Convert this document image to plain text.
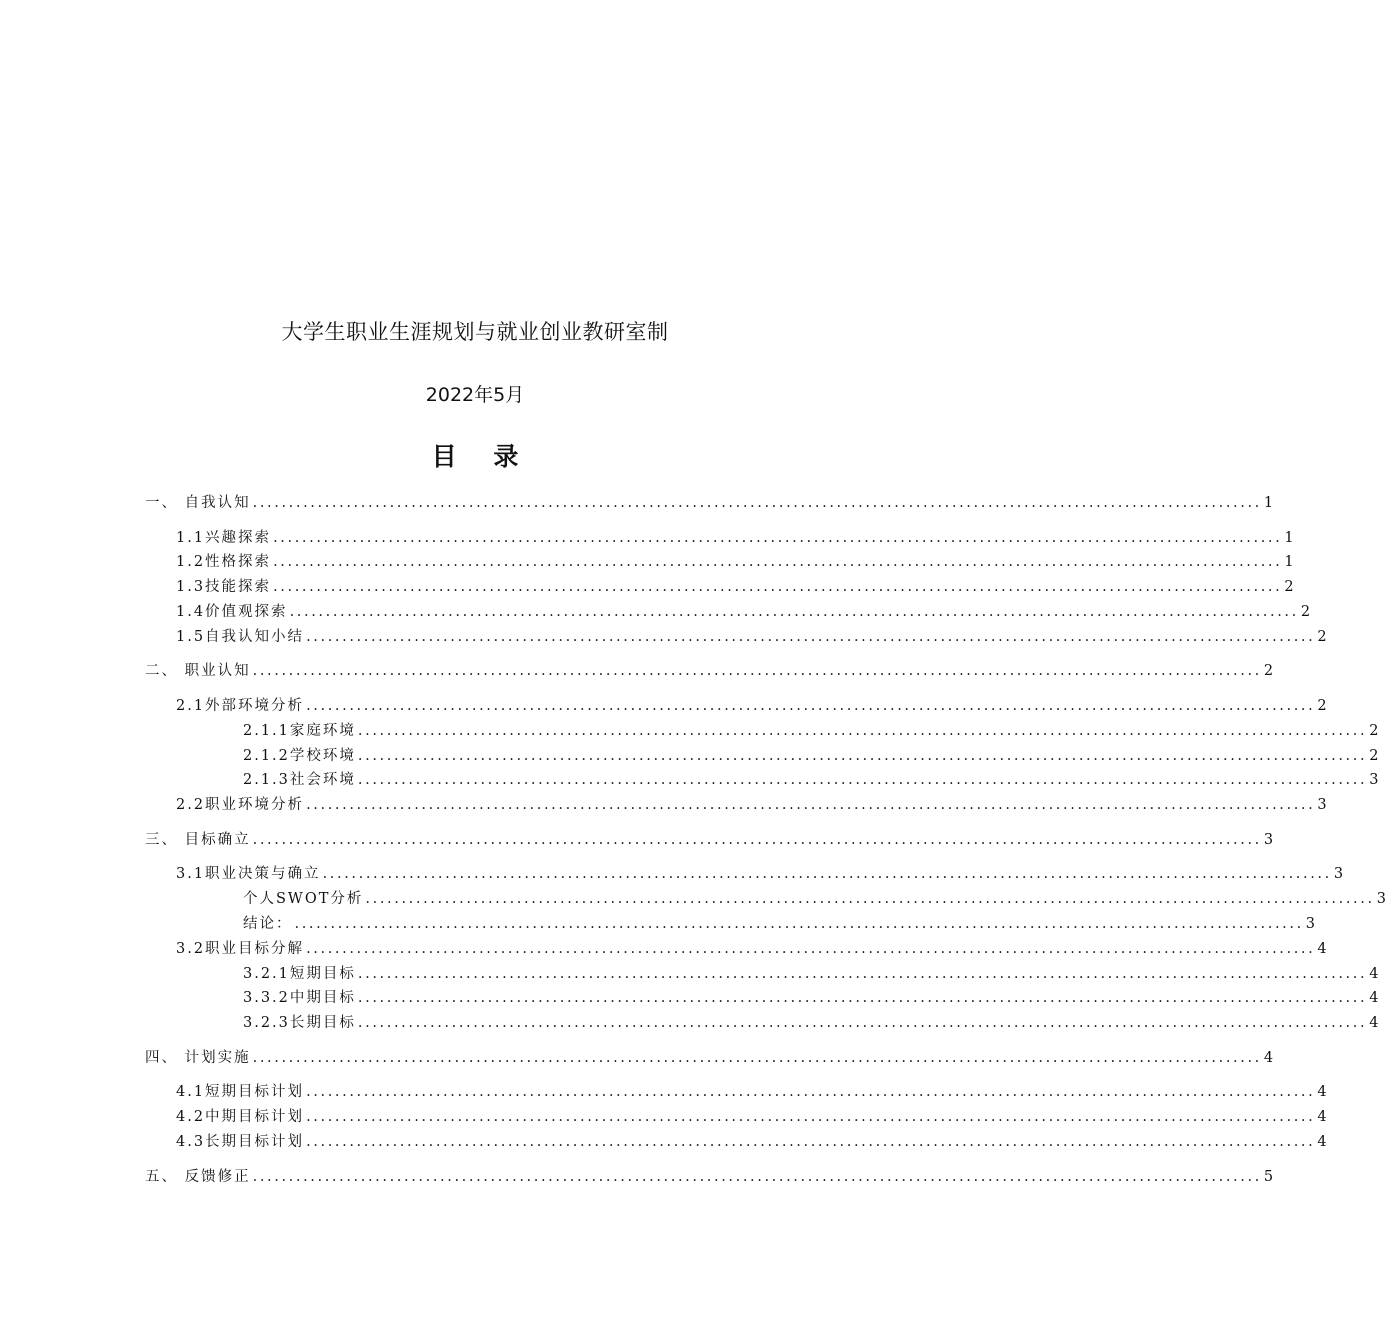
大学生职业生涯规划与就业创业教研室制
2022年5月
目 录
一、 自我认知 ............................................................................................................................................ 1
1.1兴趣探索 ............................................................................................................................................ 1
1.2性格探索 ............................................................................................................................................ 1
1.3技能探索 ............................................................................................................................................ 2
1.4价值观探索 ............................................................................................................................................ 2
1.5自我认知小结 ............................................................................................................................................ 2
二、 职业认知 ............................................................................................................................................ 2
2.1外部环境分析 ............................................................................................................................................ 2
2.1.1家庭环境 ............................................................................................................................................ 2
2.1.2学校环境 ............................................................................................................................................ 2
2.1.3社会环境 ............................................................................................................................................ 3
2.2职业环境分析 ............................................................................................................................................ 3
三、 目标确立 ............................................................................................................................................ 3
3.1职业决策与确立 ............................................................................................................................................ 3
个人SWOT分析 ............................................................................................................................................ 3
结论： ............................................................................................................................................ 3
3.2职业目标分解 ............................................................................................................................................ 4
3.2.1短期目标 ............................................................................................................................................ 4
3.3.2中期目标 ............................................................................................................................................ 4
3.2.3长期目标 ............................................................................................................................................ 4
四、 计划实施 ............................................................................................................................................ 4
4.1短期目标计划 ............................................................................................................................................ 4
4.2中期目标计划 ............................................................................................................................................ 4
4.3长期目标计划 ............................................................................................................................................ 4
五、 反馈修正 ............................................................................................................................................ 5
